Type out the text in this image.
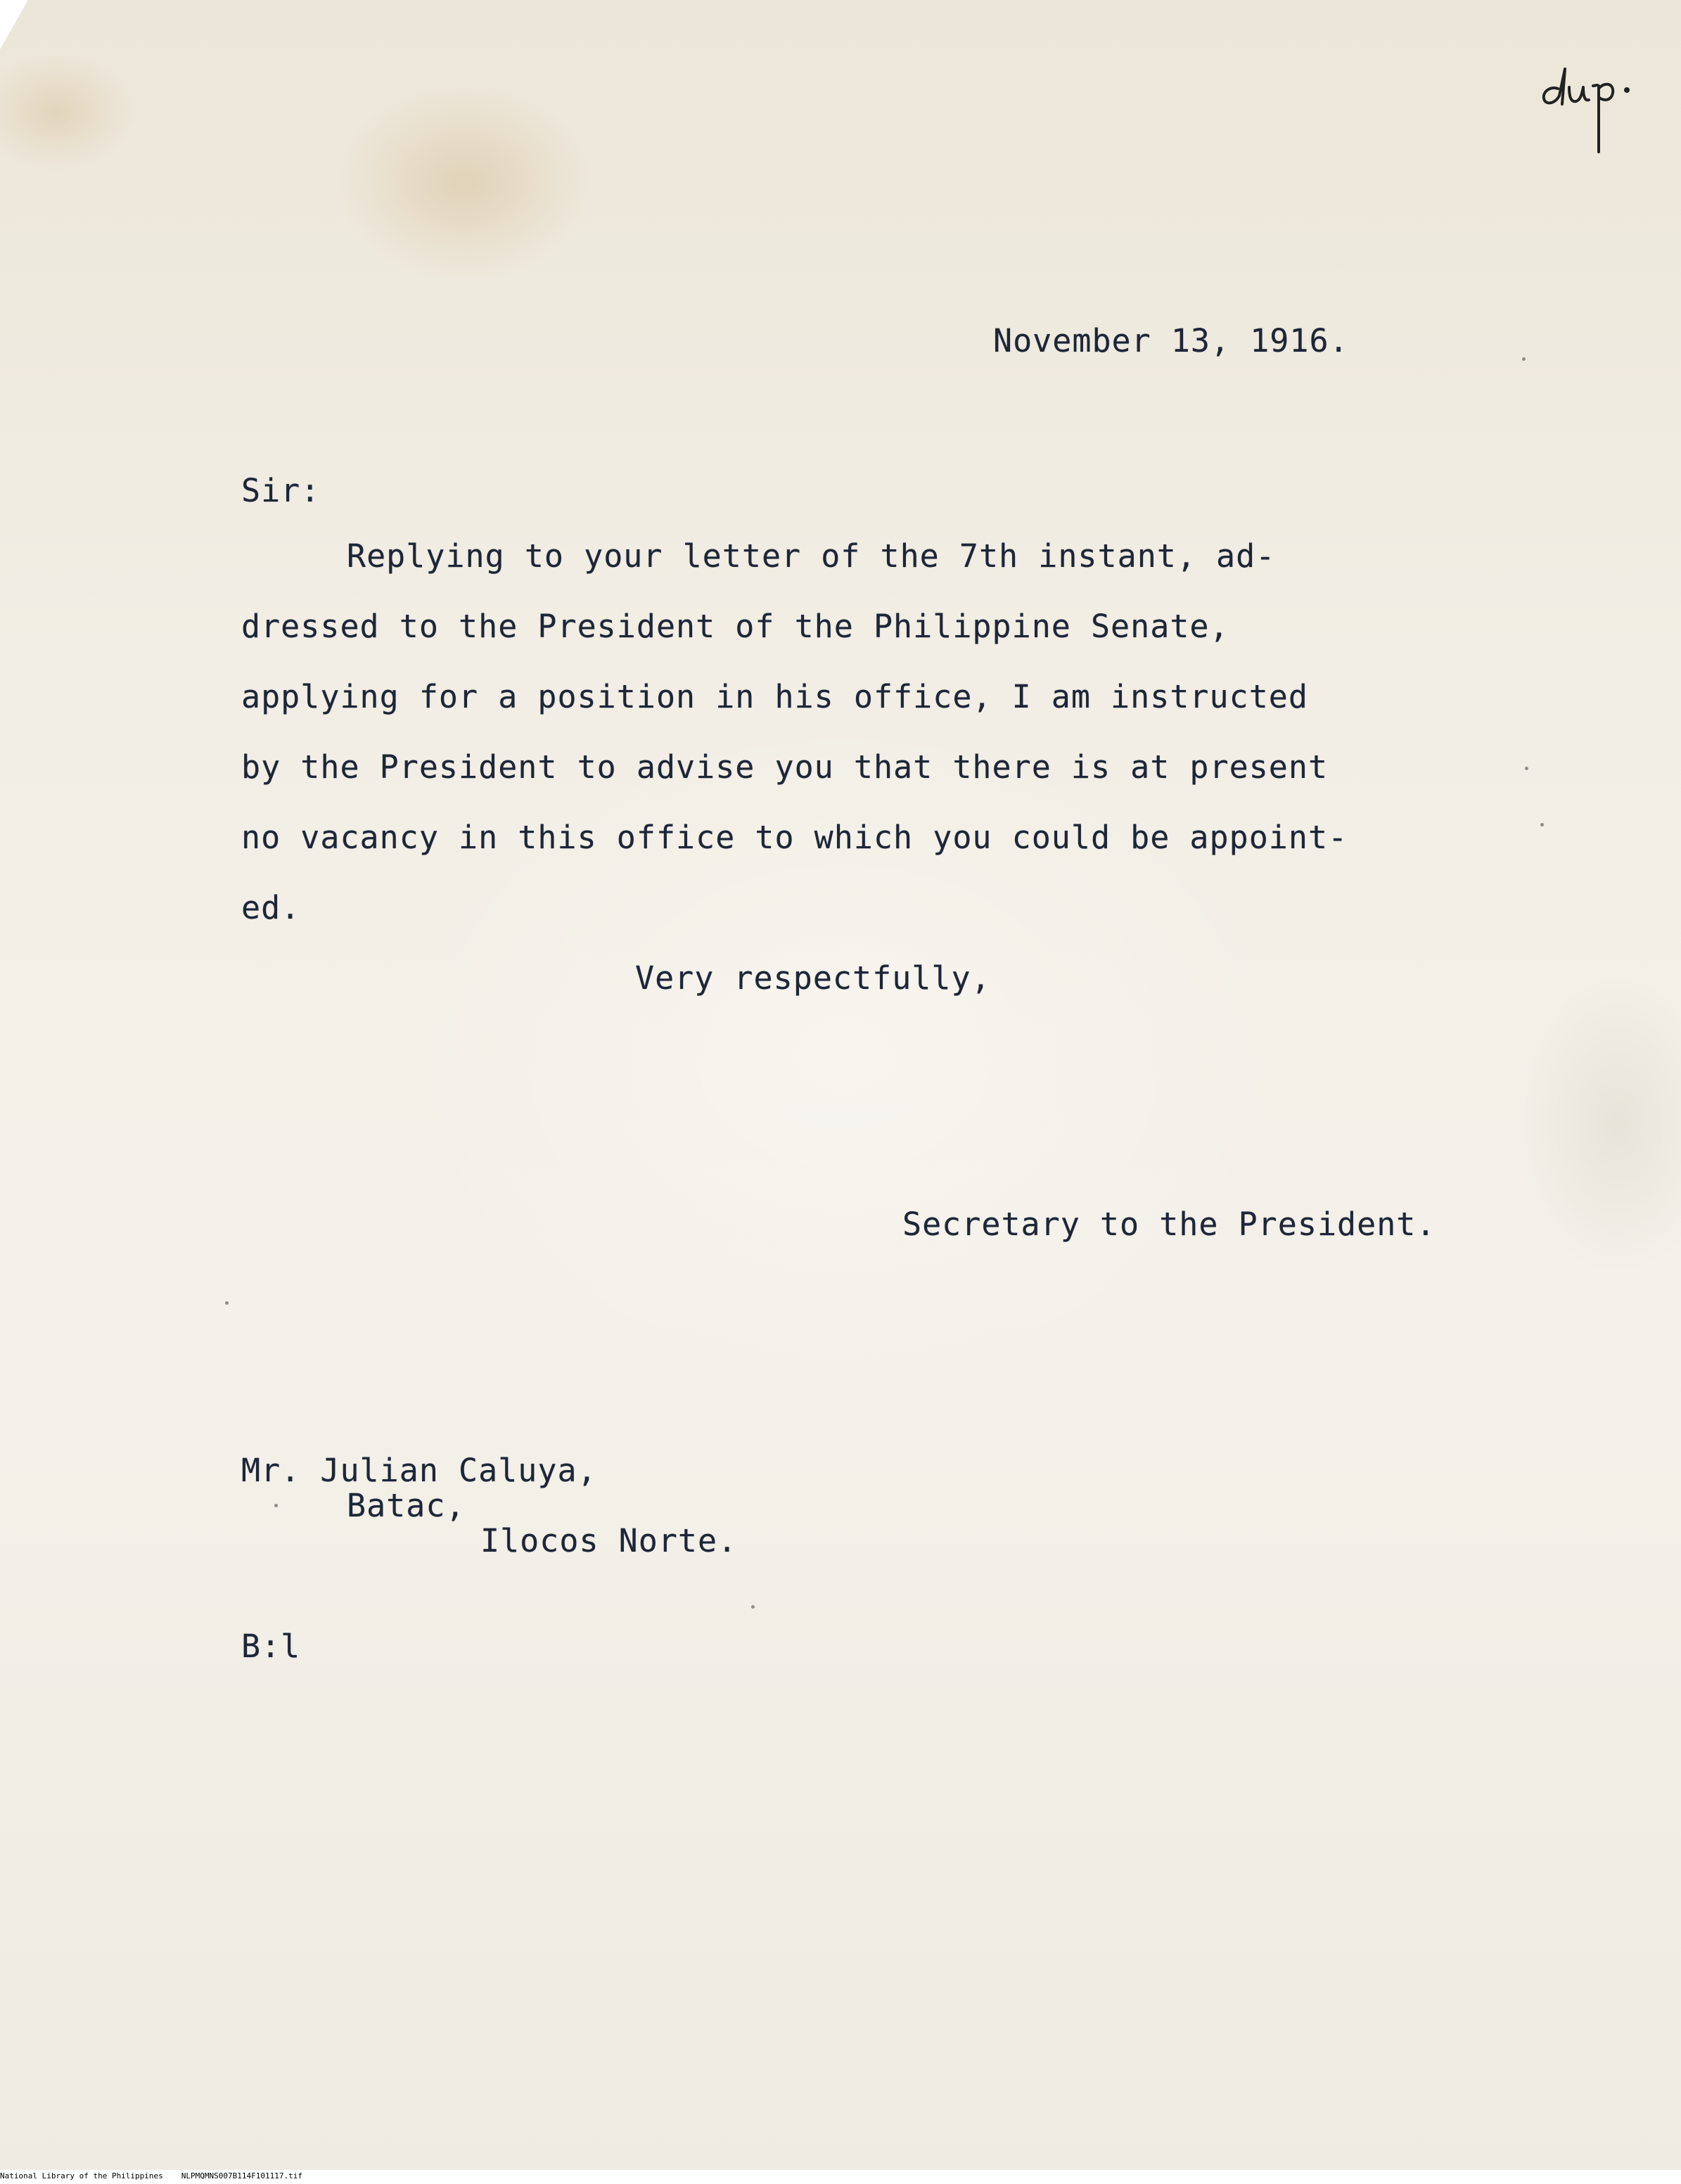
November 13, 1916.

Sir:

Replying to your letter of the 7th instant, ad-

dressed to the President of the Philippine Senate,

applying for a position in his office, I am instructed

by the President to advise you that there is at present

no vacancy in this office to which you could be appoint-

ed.

Very respectfully,

Secretary to the President.

Mr. Julian Caluya,

Batac,

Ilocos Norte.

B:l

National Library of the Philippines NLPMQMNS007B114F101117.tif
